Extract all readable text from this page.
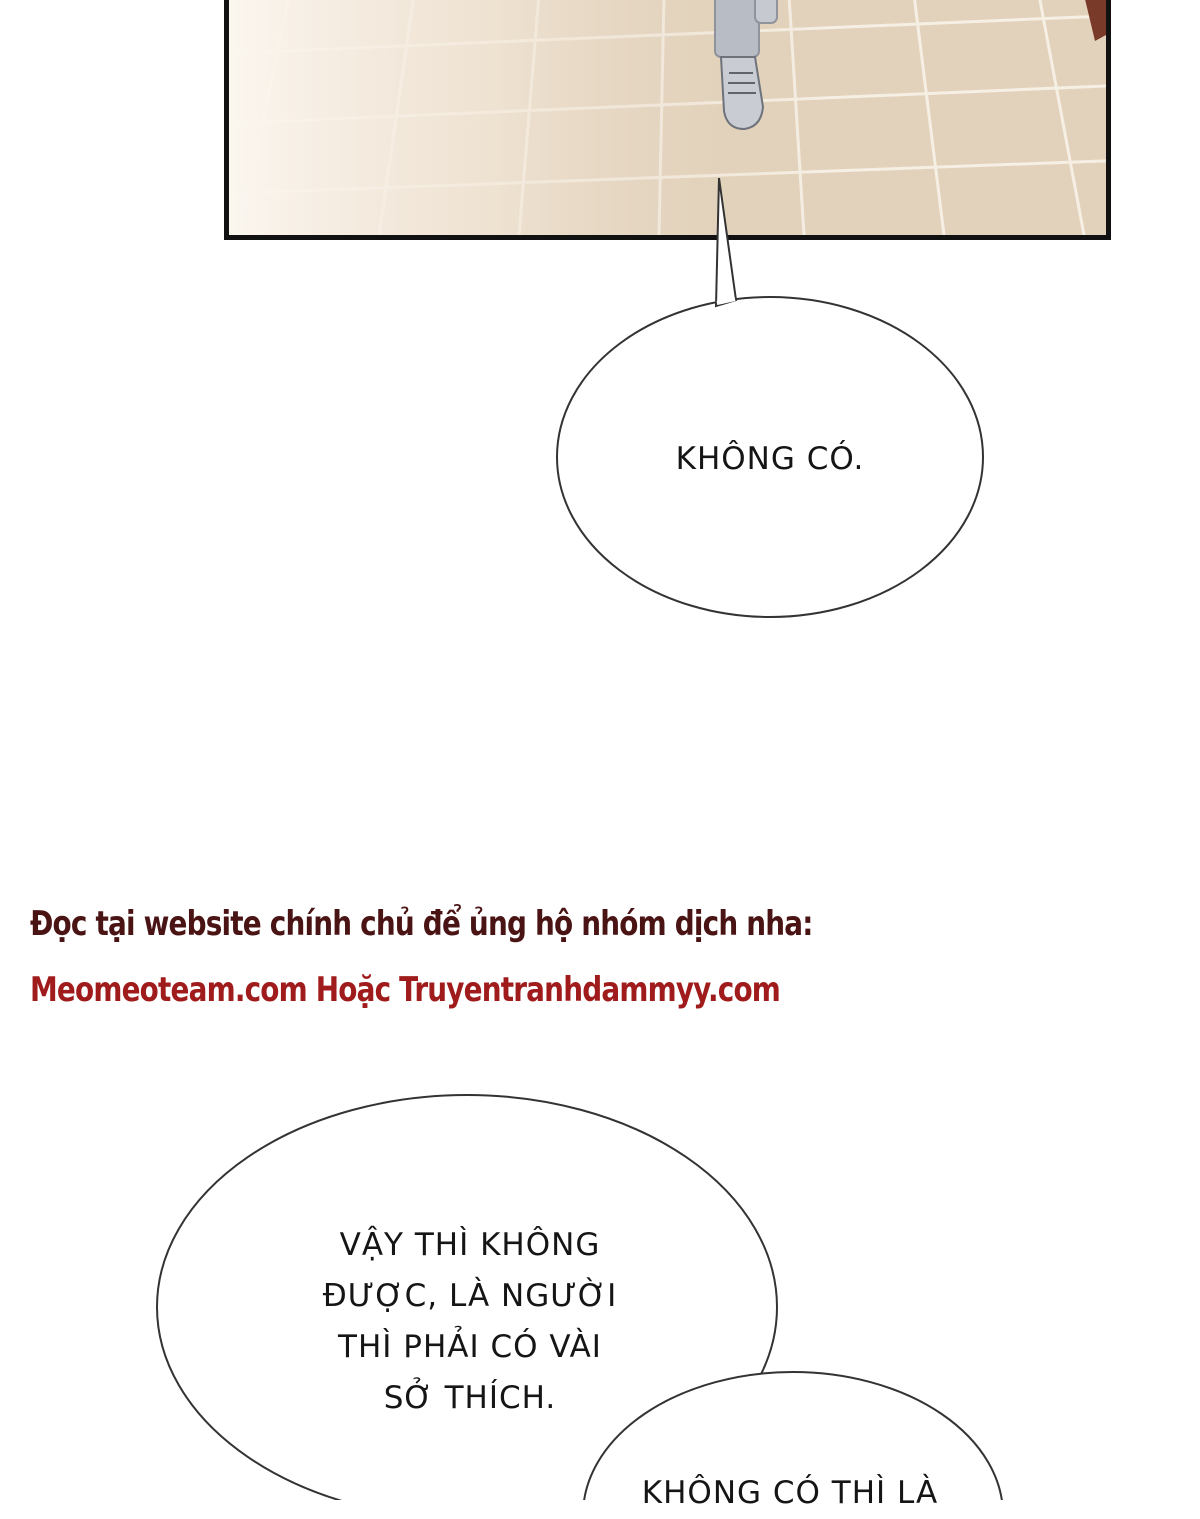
KHÔNG CÓ.
VẬY THÌ KHÔNG
ĐƯỢC, LÀ NGƯỜI
THÌ PHẢI CÓ VÀI
SỞ THÍCH.
KHÔNG CÓ THÌ LÀ
Đọc tại website chính chủ để ủng hộ nhóm dịch nha:
Meomeoteam.com Hoặc Truyentranhdammyy.com
